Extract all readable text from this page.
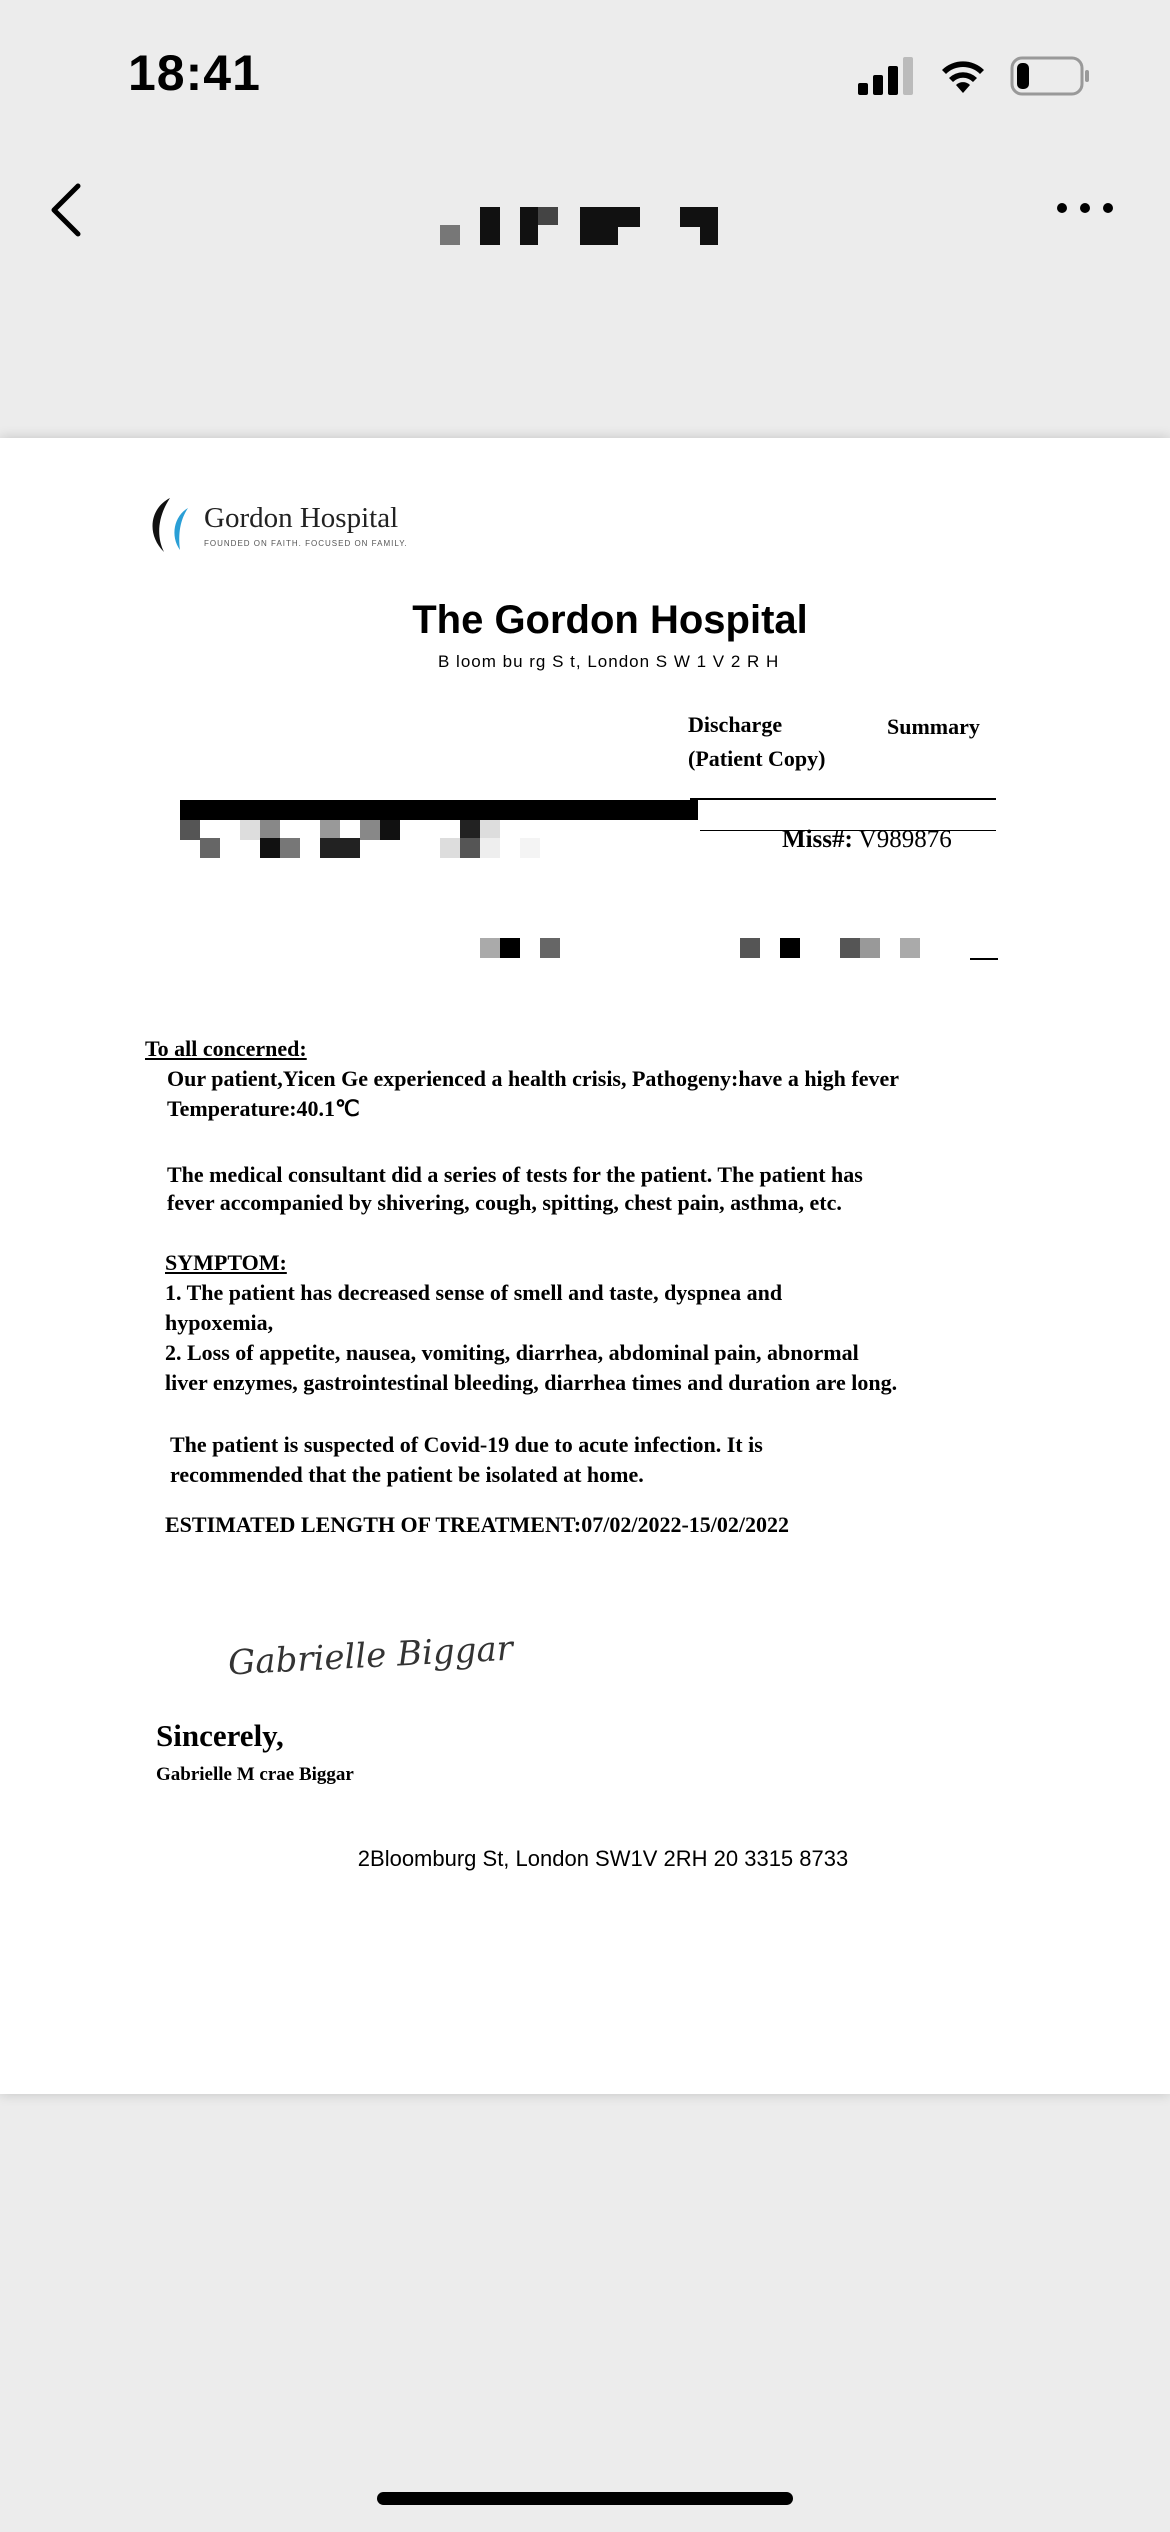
18:41
Gordon Hospital
FOUNDED ON FAITH. FOCUSED ON FAMILY.
The Gordon Hospital
B loom bu rg S t, London S W 1 V 2 R H
Discharge
(Patient Copy)
Summary
Miss#: V989876
To all concerned:
Our patient,Yicen Ge experienced a health crisis, Pathogeny:have a high fever
Temperature:40.1℃
The medical consultant did a series of tests for the patient. The patient has
fever accompanied by shivering, cough, spitting, chest pain, asthma, etc.
SYMPTOM:
1. The patient has decreased sense of smell and taste, dyspnea and
hypoxemia,
2. Loss of appetite, nausea, vomiting, diarrhea, abdominal pain, abnormal
liver enzymes, gastrointestinal bleeding, diarrhea times and duration are long.
The patient is suspected of Covid-19 due to acute infection. It is
recommended that the patient be isolated at home.
ESTIMATED LENGTH OF TREATMENT:07/02/2022-15/02/2022
Gabrielle Biggar
Sincerely,
Gabrielle M crae Biggar
2Bloomburg St, London SW1V 2RH 20 3315 8733
